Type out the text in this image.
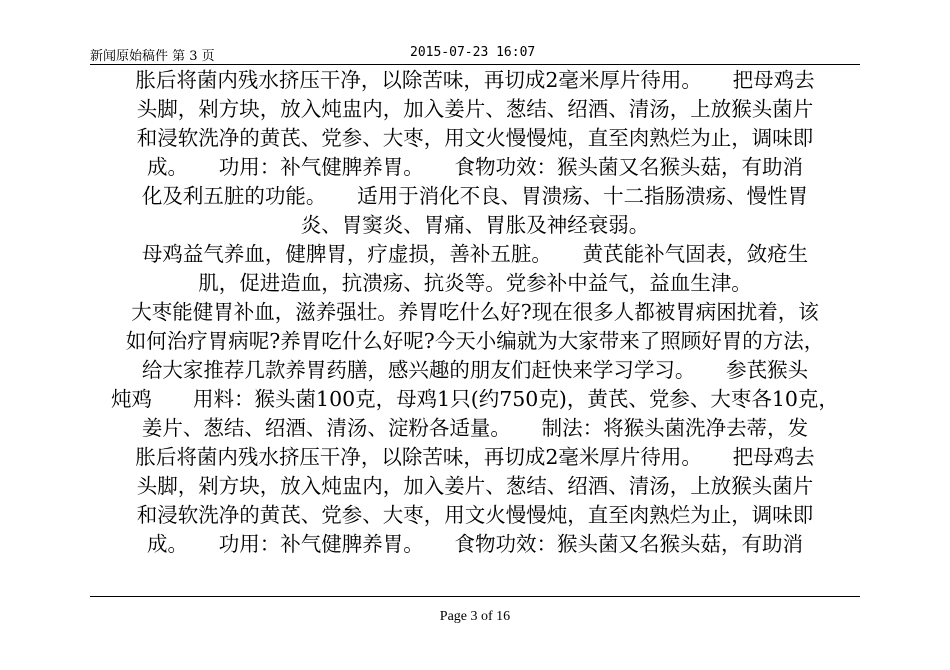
新闻原始稿件 第 3 页	2015-07-23 16:07
胀后将菌内残水挤压干净，以除苦味，再切成2毫米厚片待用。　　把母鸡去
头脚，剁方块，放入炖盅内，加入姜片、葱结、绍酒、清汤，上放猴头菌片
和浸软洗净的黄芪、党参、大枣，用文火慢慢炖，直至肉熟烂为止，调味即
成。　　功用：补气健脾养胃。　　食物功效：猴头菌又名猴头菇，有助消
化及利五脏的功能。　　适用于消化不良、胃溃疡、十二指肠溃疡、慢性胃
炎、胃窦炎、胃痛、胃胀及神经衰弱。
母鸡益气养血，健脾胃，疗虚损，善补五脏。　　黄芪能补气固表，敛疮生
肌，促进造血，抗溃疡、抗炎等。党参补中益气，益血生津。
大枣能健胃补血，滋养强壮。养胃吃什么好?现在很多人都被胃病困扰着，该
如何治疗胃病呢?养胃吃什么好呢?今天小编就为大家带来了照顾好胃的方法，
给大家推荐几款养胃药膳，感兴趣的朋友们赶快来学习学习。　　参芪猴头
炖鸡　　用料：猴头菌100克，母鸡1只(约750克)，黄芪、党参、大枣各10克，
姜片、葱结、绍酒、清汤、淀粉各适量。　　制法：将猴头菌洗净去蒂，发
胀后将菌内残水挤压干净，以除苦味，再切成2毫米厚片待用。　　把母鸡去
头脚，剁方块，放入炖盅内，加入姜片、葱结、绍酒、清汤，上放猴头菌片
和浸软洗净的黄芪、党参、大枣，用文火慢慢炖，直至肉熟烂为止，调味即
成。　　功用：补气健脾养胃。　　食物功效：猴头菌又名猴头菇，有助消
Page 3 of 16
